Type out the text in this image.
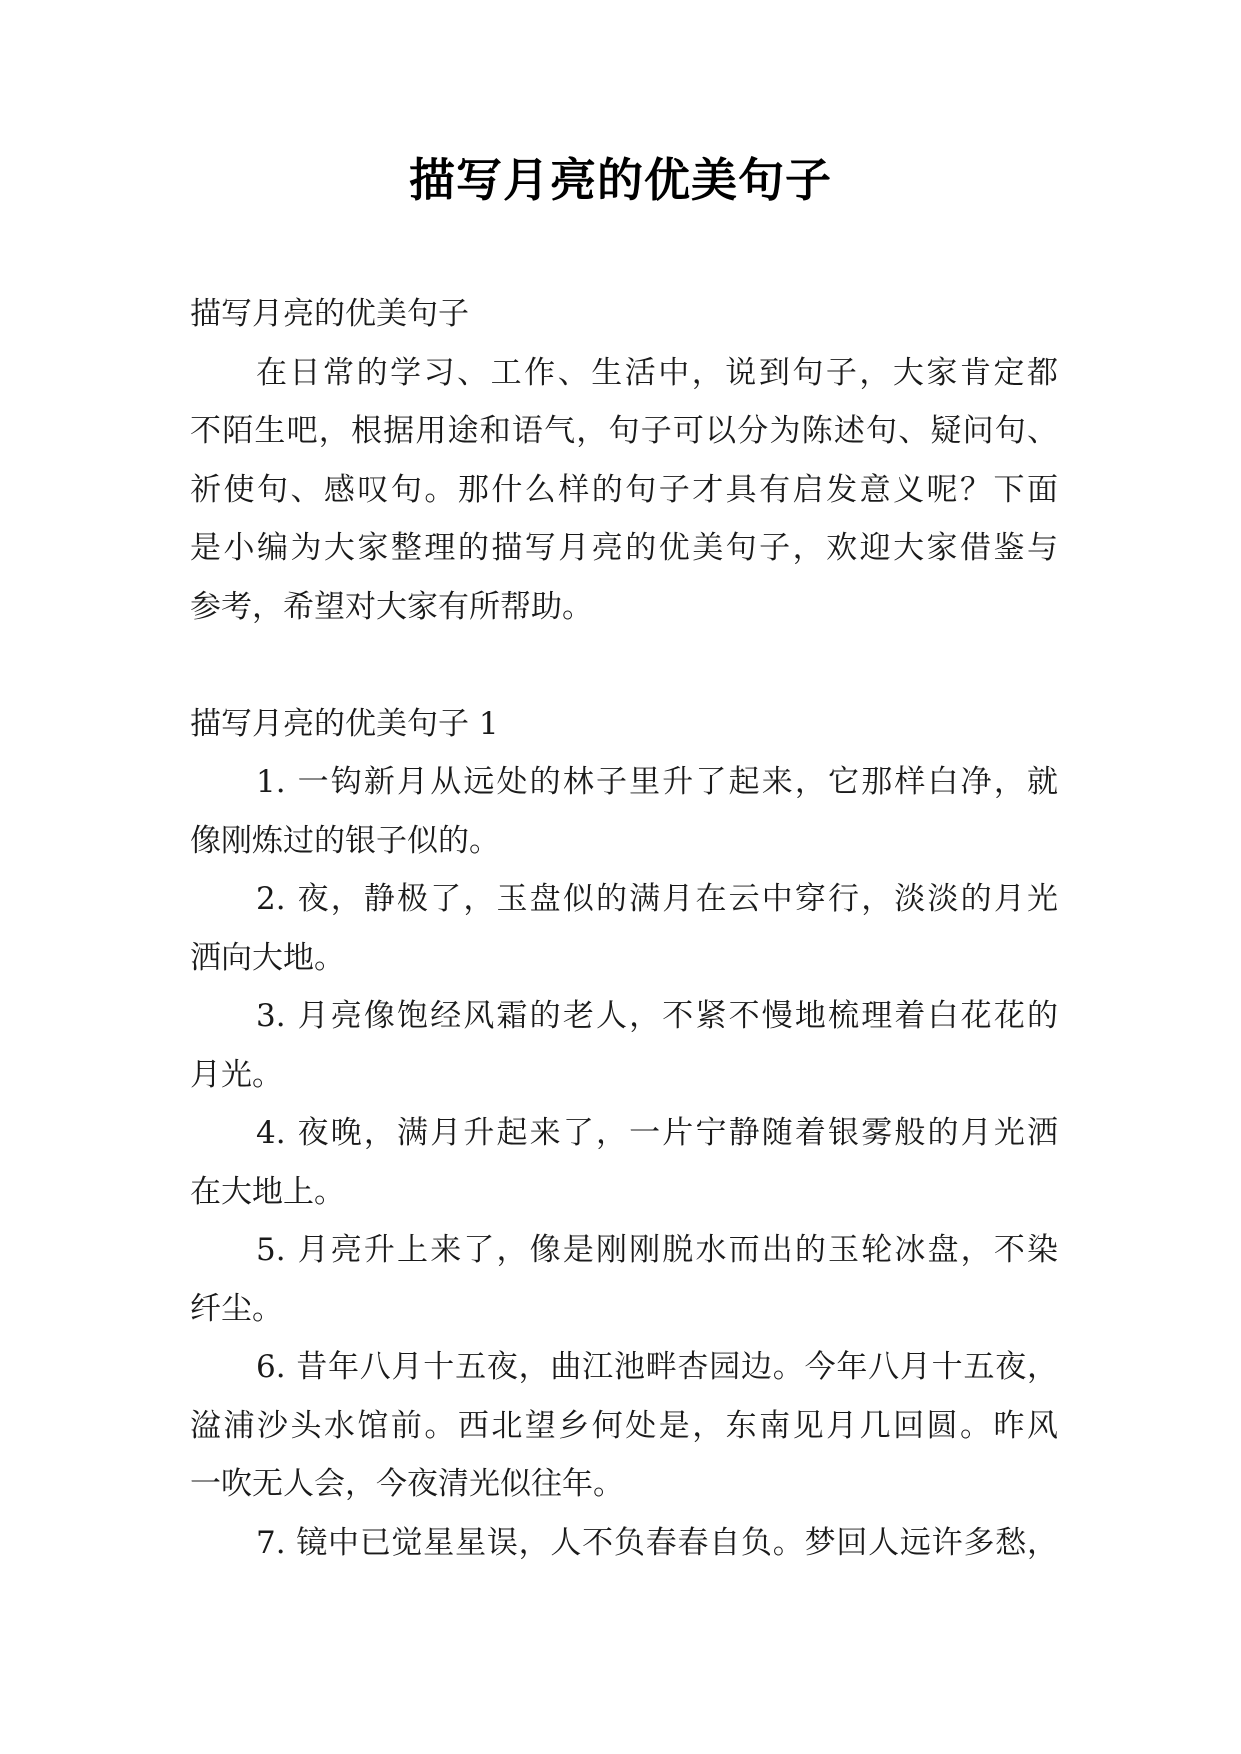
描写月亮的优美句子
描写月亮的优美句子
在日常的学习、工作、生活中，说到句子，大家肯定都
不陌生吧，根据用途和语气，句子可以分为陈述句、疑问句、
祈使句、感叹句。那什么样的句子才具有启发意义呢？下面
是小编为大家整理的描写月亮的优美句子，欢迎大家借鉴与
参考，希望对大家有所帮助。
描写月亮的优美句子 1
1. 一钩新月从远处的林子里升了起来，它那样白净，就
像刚炼过的银子似的。
2. 夜，静极了，玉盘似的满月在云中穿行，淡淡的月光
洒向大地。
3. 月亮像饱经风霜的老人，不紧不慢地梳理着白花花的
月光。
4. 夜晚，满月升起来了，一片宁静随着银雾般的月光洒
在大地上。
5. 月亮升上来了，像是刚刚脱水而出的玉轮冰盘，不染
纤尘。
6. 昔年八月十五夜，曲江池畔杏园边。今年八月十五夜，
湓浦沙头水馆前。西北望乡何处是，东南见月几回圆。昨风
一吹无人会，今夜清光似往年。
7. 镜中已觉星星误，人不负春春自负。梦回人远许多愁，
